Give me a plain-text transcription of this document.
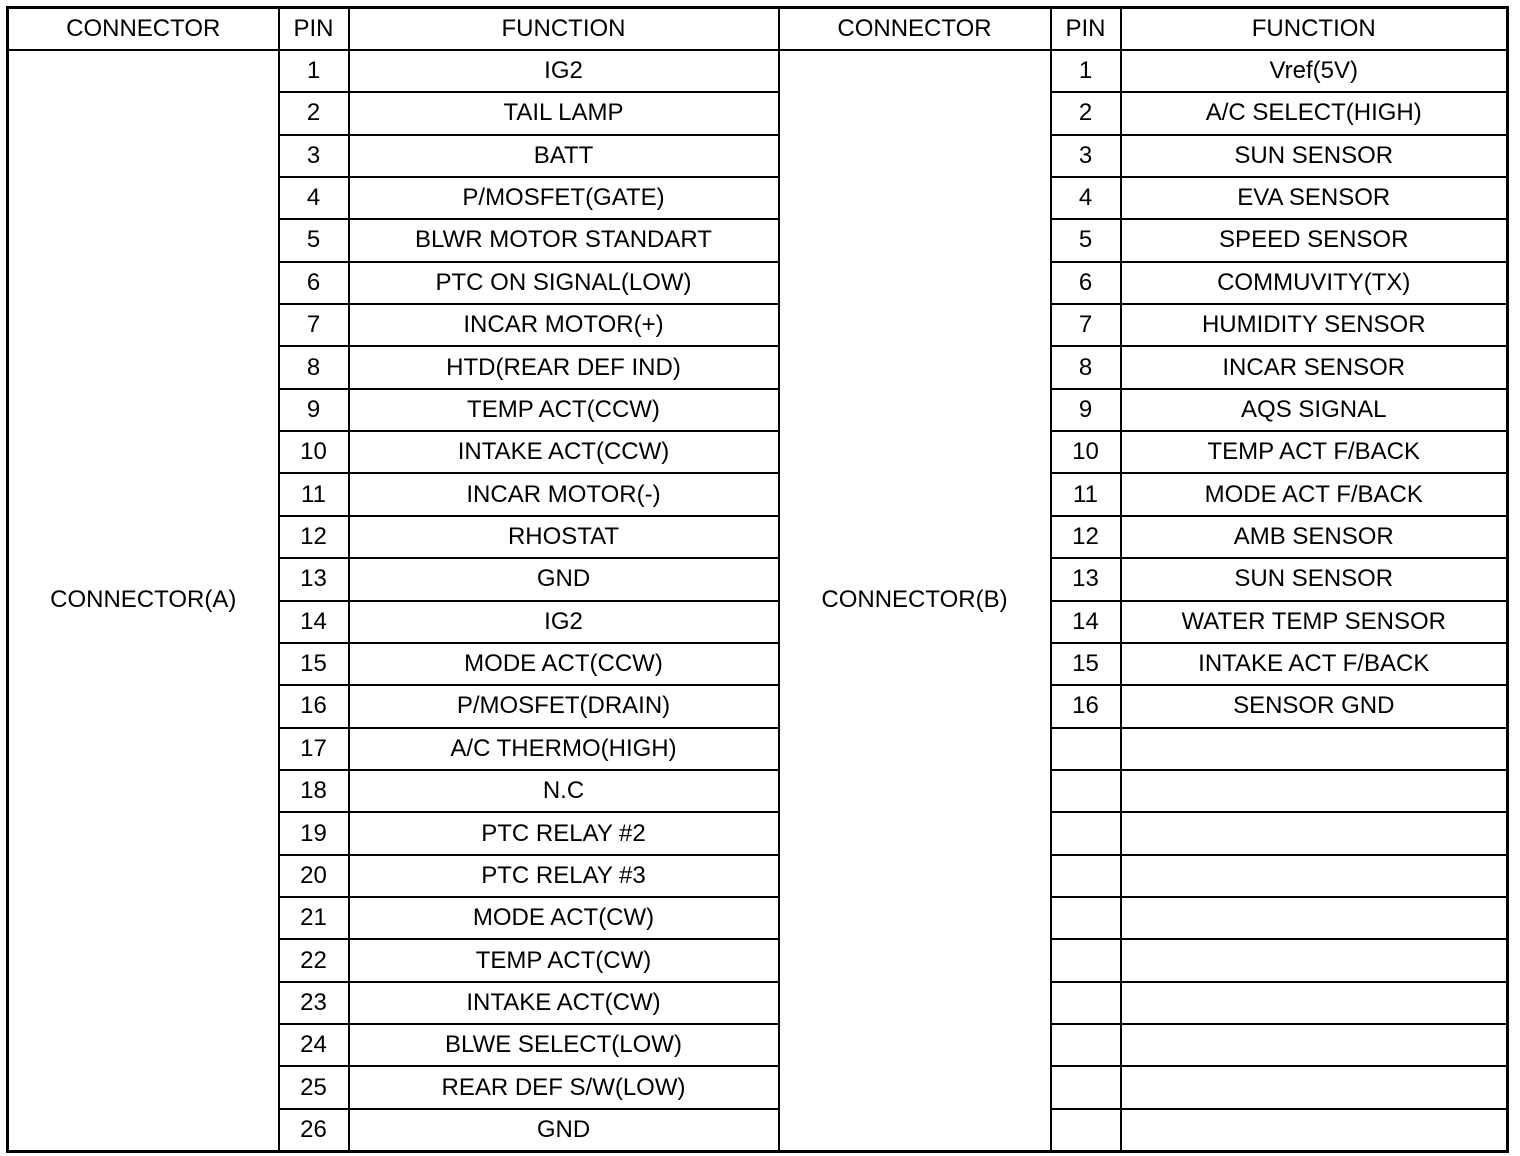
CONNECTOR	PIN	FUNCTION	CONNECTOR	PIN	FUNCTION
CONNECTOR(A)	1	IG2	CONNECTOR(B)	1	Vref(5V)
	2	TAIL LAMP		2	A/C SELECT(HIGH)
	3	BATT		3	SUN SENSOR
	4	P/MOSFET(GATE)		4	EVA SENSOR
	5	BLWR MOTOR STANDART		5	SPEED SENSOR
	6	PTC ON SIGNAL(LOW)		6	COMMUVITY(TX)
	7	INCAR MOTOR(+)		7	HUMIDITY SENSOR
	8	HTD(REAR DEF IND)		8	INCAR SENSOR
	9	TEMP ACT(CCW)		9	AQS SIGNAL
	10	INTAKE ACT(CCW)		10	TEMP ACT F/BACK
	11	INCAR MOTOR(-)		11	MODE ACT F/BACK
	12	RHOSTAT		12	AMB SENSOR
	13	GND		13	SUN SENSOR
	14	IG2		14	WATER TEMP SENSOR
	15	MODE ACT(CCW)		15	INTAKE ACT F/BACK
	16	P/MOSFET(DRAIN)		16	SENSOR GND
	17	A/C THERMO(HIGH)			
	18	N.C			
	19	PTC RELAY #2			
	20	PTC RELAY #3			
	21	MODE ACT(CW)			
	22	TEMP ACT(CW)			
	23	INTAKE ACT(CW)			
	24	BLWE SELECT(LOW)			
	25	REAR DEF S/W(LOW)			
	26	GND			
